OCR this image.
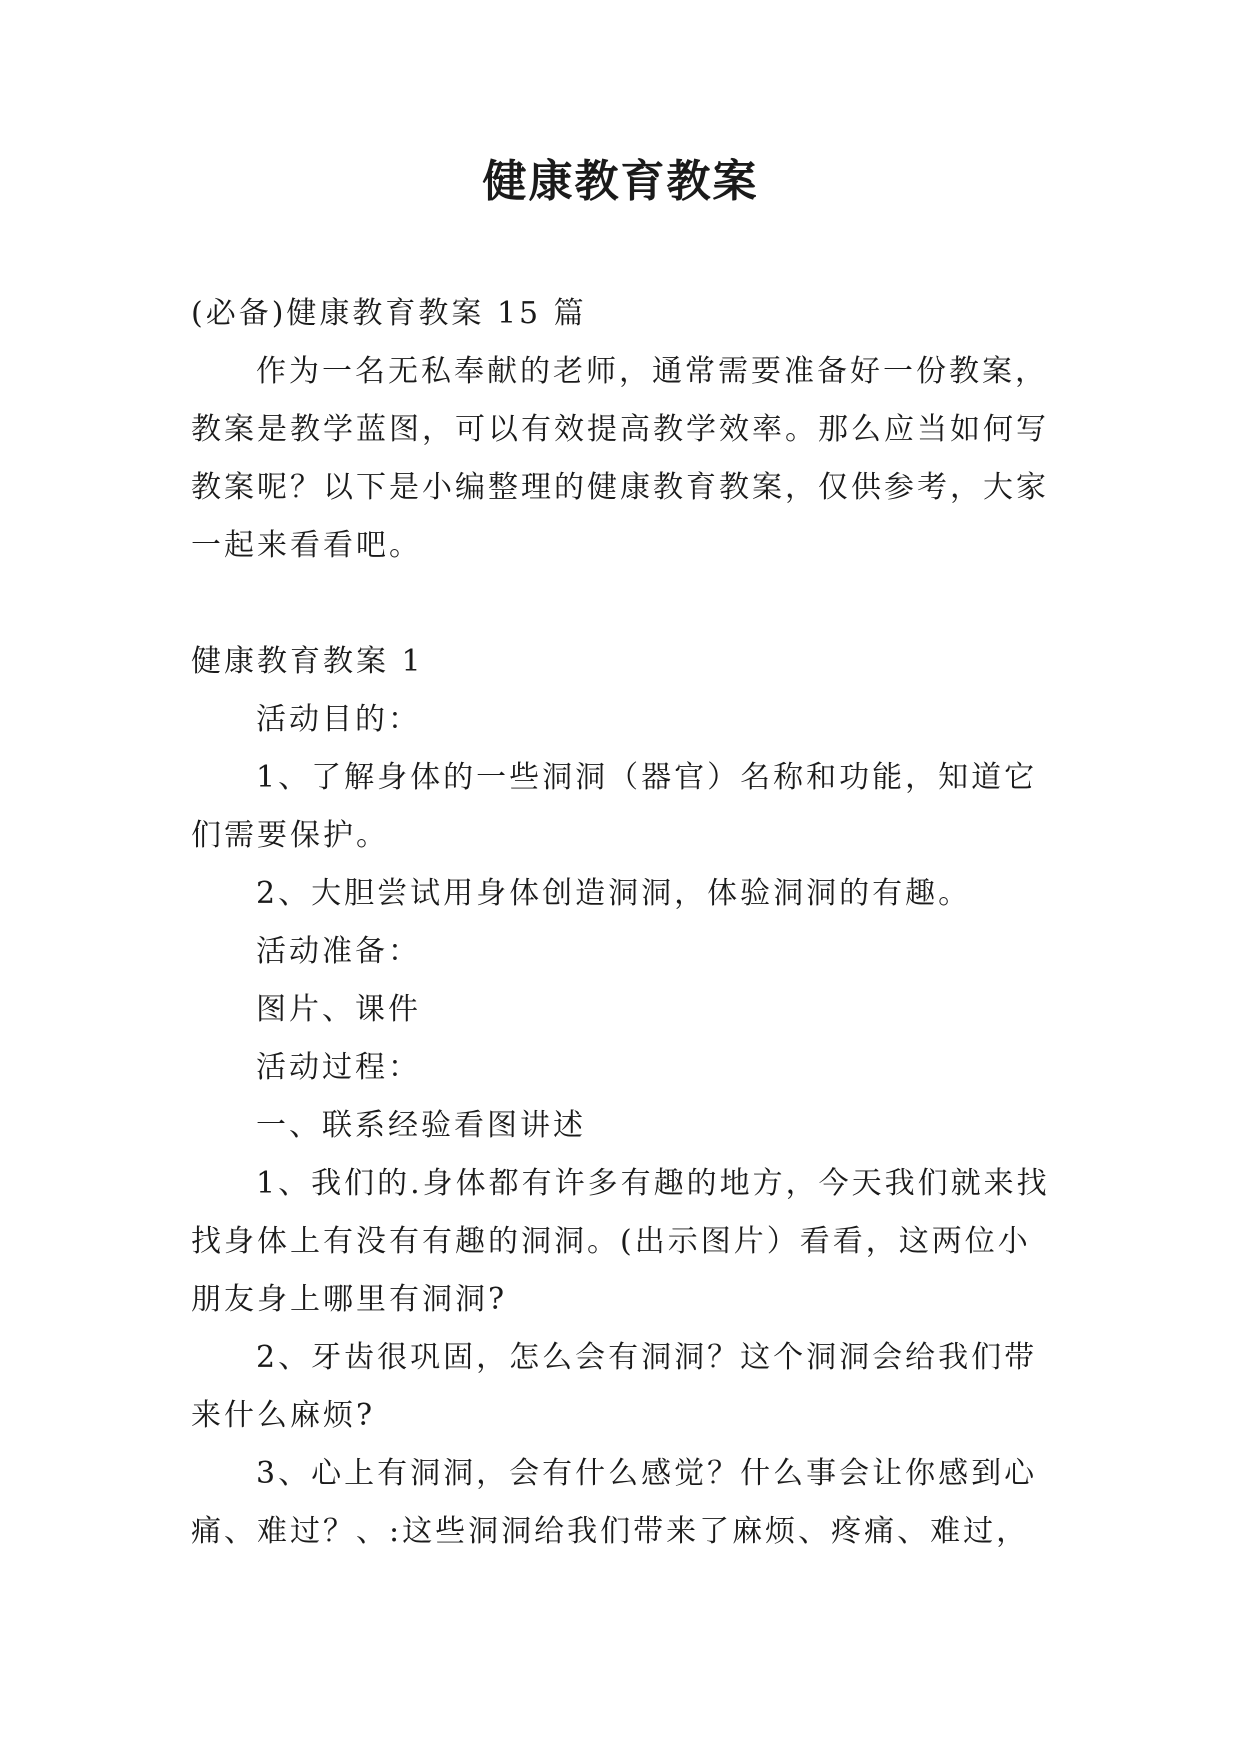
健康教育教案

(必备)健康教育教案 15 篇

作为一名无私奉献的老师，通常需要准备好一份教案，教案是教学蓝图，可以有效提高教学效率。那么应当如何写教案呢？以下是小编整理的健康教育教案，仅供参考，大家一起来看看吧。

健康教育教案 1

活动目的：

1、了解身体的一些洞洞（器官）名称和功能，知道它们需要保护。

2、大胆尝试用身体创造洞洞，体验洞洞的有趣。

活动准备：

图片、课件

活动过程：

一、联系经验看图讲述

1、我们的.身体都有许多有趣的地方，今天我们就来找找身体上有没有有趣的洞洞。(出示图片）看看，这两位小朋友身上哪里有洞洞?

2、牙齿很巩固，怎么会有洞洞？这个洞洞会给我们带来什么麻烦?

3、心上有洞洞，会有什么感觉？什么事会让你感到心痛、难过？、:这些洞洞给我们带来了麻烦、疼痛、难过，
